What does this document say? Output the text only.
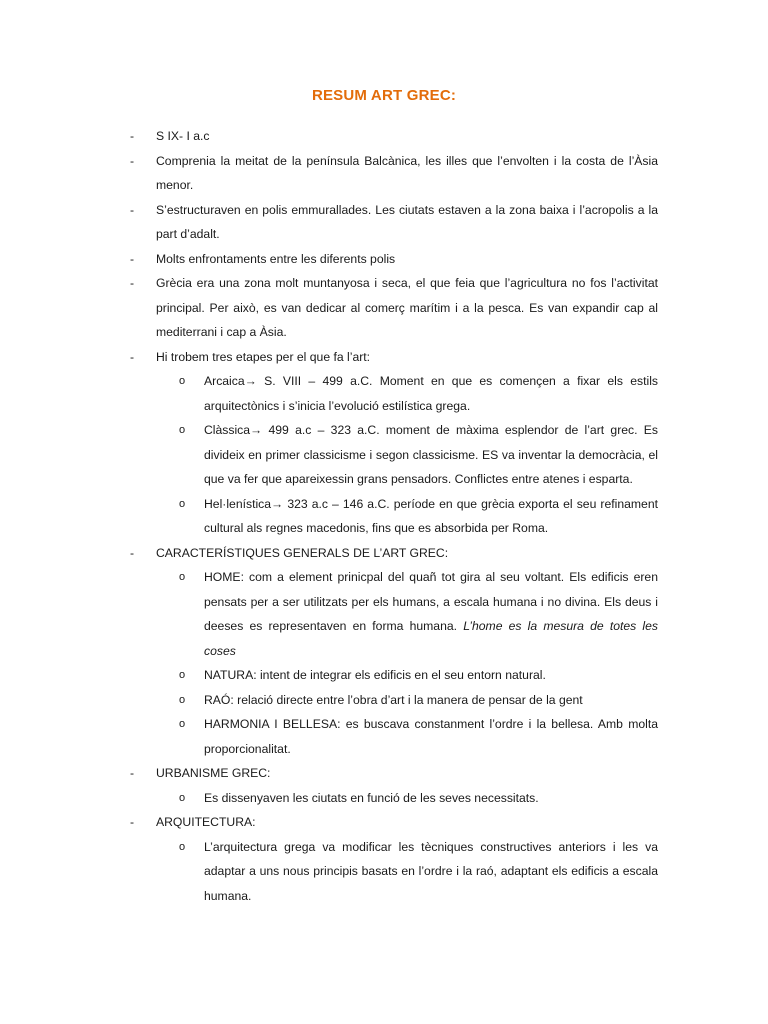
RESUM ART GREC:
- S IX- I a.c
- Comprenia la meitat de la península Balcànica, les illes que l’envolten i la costa de l’Àsia menor.
- S’estructuraven en polis emmurallades. Les ciutats estaven a la zona baixa i l’acropolis a la part d’adalt.
- Molts enfrontaments entre les diferents polis
- Grècia era una zona molt muntanyosa i seca, el que feia que l’agricultura no fos l’activitat principal. Per això, es van dedicar al comerç marítim i a la pesca. Es van expandir cap al mediterrani i cap a Àsia.
- Hi trobem tres etapes per el que fa l’art:
o Arcaica→ S. VIII – 499 a.C. Moment en que es començen a fixar els estils arquitectònics i s’inicia l’evolució estilística grega.
o Clàssica→ 499 a.c – 323 a.C. moment de màxima esplendor de l’art grec. Es divideix en primer classicisme i segon classicisme. ES va inventar la democràcia, el que va fer que apareixessin grans pensadors. Conflictes entre atenes i esparta.
o Hel·lenística→ 323 a.c – 146 a.C. període en que grècia exporta el seu refinament cultural als regnes macedonis, fins que es absorbida per Roma.
- CARACTERÍSTIQUES GENERALS DE L’ART GREC:
o HOME: com a element prinicpal del quañ tot gira al seu voltant. Els edificis eren pensats per a ser utilitzats per els humans, a escala humana i no divina. Els deus i deeses es representaven en forma humana. L’home es la mesura de totes les coses
o NATURA: intent de integrar els edificis en el seu entorn natural.
o RAÓ: relació directe entre l’obra d’art i la manera de pensar de la gent
o HARMONIA I BELLESA: es buscava constanment l’ordre i la bellesa. Amb molta proporcionalitat.
- URBANISME GREC:
o Es dissenyaven les ciutats en funció de les seves necessitats.
- ARQUITECTURA:
o L’arquitectura grega va modificar les tècniques constructives anteriors i les va adaptar a uns nous principis basats en l’ordre i la raó, adaptant els edificis a escala humana.
